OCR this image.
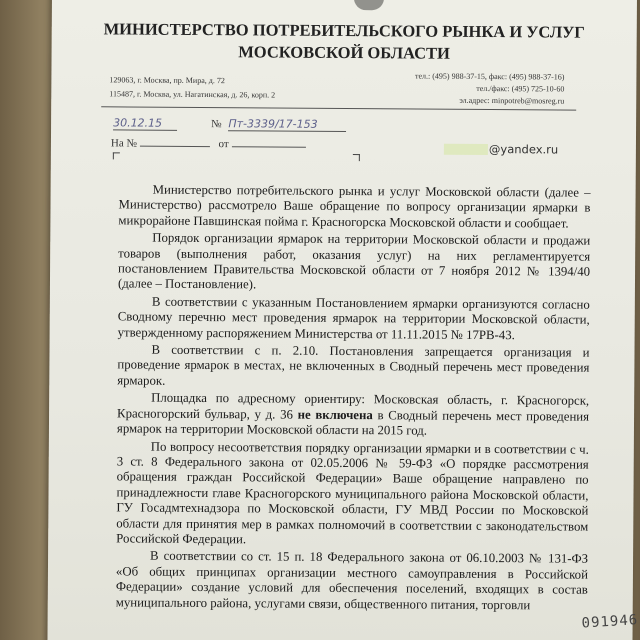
МИНИСТЕРСТВО ПОТРЕБИТЕЛЬСКОГО РЫНКА И УСЛУГ
МОСКОВСКОЙ ОБЛАСТИ
129063, г. Москва, пр. Мира, д. 72
115487, г. Москва, ул. Нагатинская, д. 26, корп. 2
тел.: (495) 988-37-15, факс: (495) 988-37-16)
тел./факс: (495) 725-10-60
эл.адрес: minpotreb@mosreg.ru
30.12.15	№ Пт-3339/17-153
На №	от	@yandex.ru

Министерство потребительского рынка и услуг Московской области (далее – Министерство) рассмотрело Ваше обращение по вопросу организации ярмарки в микрорайоне Павшинская пойма г. Красногорска Московской области и сообщает.

Порядок организации ярмарок на территории Московской области и продажи товаров (выполнения работ, оказания услуг) на них регламентируется постановлением Правительства Московской области от 7 ноября 2012 № 1394/40 (далее – Постановление).

В соответствии с указанным Постановлением ярмарки организуются согласно Сводному перечню мест проведения ярмарок на территории Московской области, утвержденному распоряжением Министерства от 11.11.2015 № 17РВ-43.

В соответствии с п. 2.10. Постановления запрещается организация и проведение ярмарок в местах, не включенных в Сводный перечень мест проведения ярмарок.

Площадка по адресному ориентиру: Московская область, г. Красногорск, Красногорский бульвар, у д. 36 не включена в Сводный перечень мест проведения ярмарок на территории Московской области на 2015 год.

По вопросу несоответствия порядку организации ярмарки и в соответствии с ч. 3 ст. 8 Федерального закона от 02.05.2006 № 59-ФЗ «О порядке рассмотрения обращения граждан Российской Федерации» Ваше обращение направлено по принадлежности главе Красногорского муниципального района Московской области, ГУ Госадмтехнадзора по Московской области, ГУ МВД России по Московской области для принятия мер в рамках полномочий в соответствии с законодательством Российской Федерации.

В соответствии со ст. 15 п. 18 Федерального закона от 06.10.2003 № 131-ФЗ «Об общих принципах организации местного самоуправления в Российской Федерации» создание условий для обеспечения поселений, входящих в состав муниципального района, услугами связи, общественного питания, торговли

091946
